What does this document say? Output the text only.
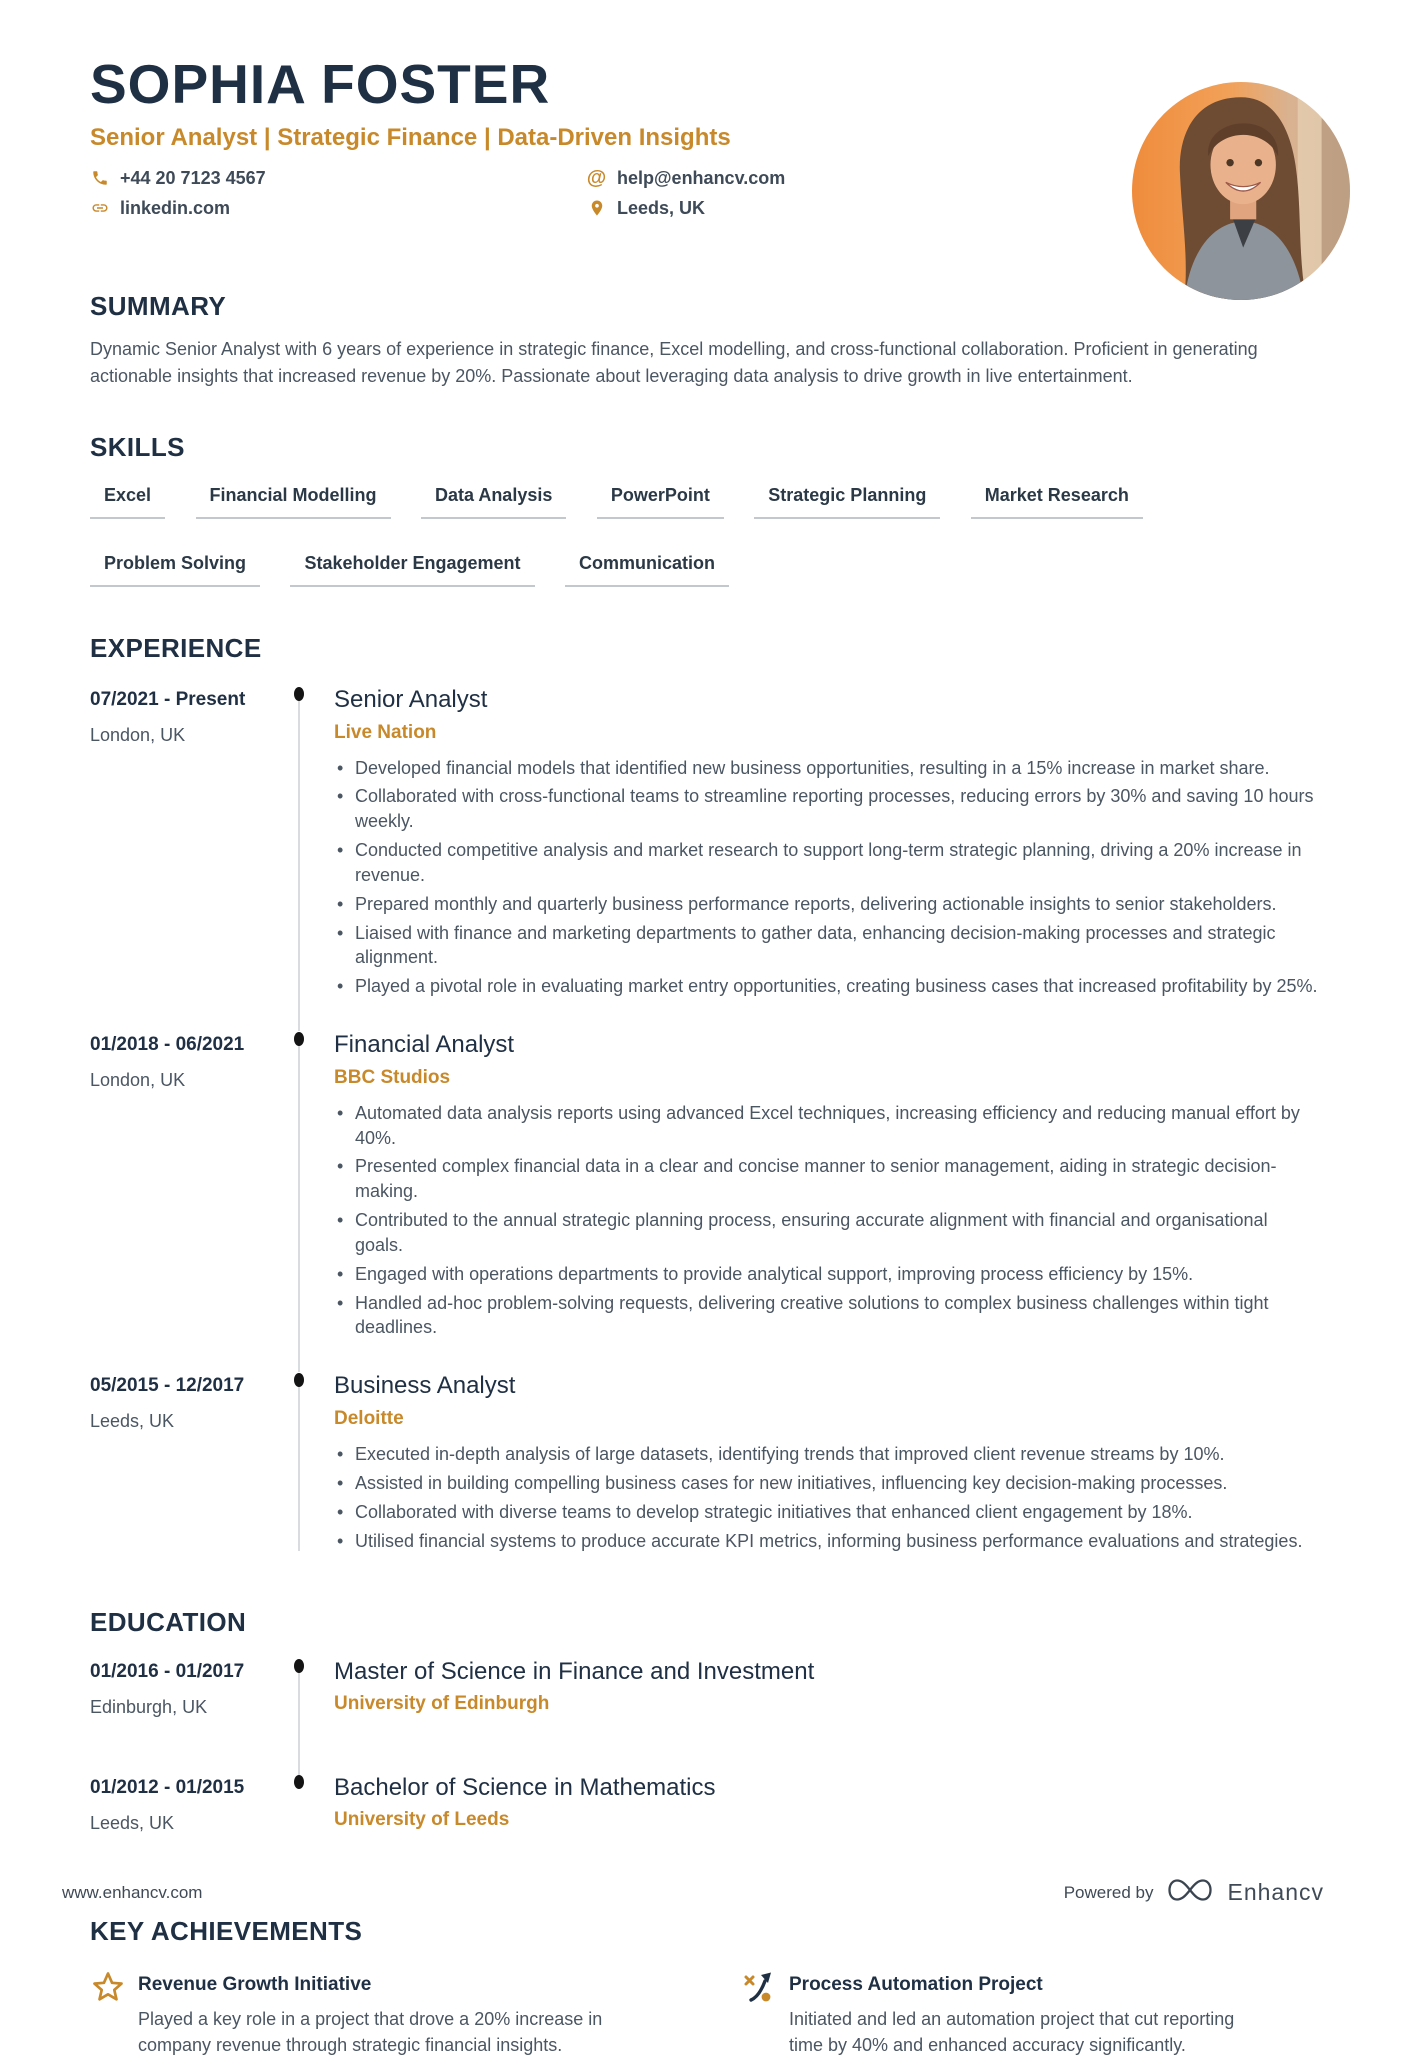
SOPHIA FOSTER
Senior Analyst | Strategic Finance | Data-Driven Insights
+44 20 7123 4567	@ help@enhancv.com
linkedin.com	Leeds, UK
SUMMARY

Dynamic Senior Analyst with 6 years of experience in strategic finance, Excel modelling, and cross-functional collaboration. Proficient in generating actionable insights that increased revenue by 20%. Passionate about leveraging data analysis to drive growth in live entertainment.

SKILLS
Excel	Financial Modelling	Data Analysis	PowerPoint	Strategic Planning	Market Research
Problem Solving	Stakeholder Engagement	Communication
EXPERIENCE
07/2021 - Present
London, UK
Senior Analyst
Live Nation
• Developed financial models that identified new business opportunities, resulting in a 15% increase in market share.
• Collaborated with cross-functional teams to streamline reporting processes, reducing errors by 30% and saving 10 hours weekly.
• Conducted competitive analysis and market research to support long-term strategic planning, driving a 20% increase in revenue.
• Prepared monthly and quarterly business performance reports, delivering actionable insights to senior stakeholders.
• Liaised with finance and marketing departments to gather data, enhancing decision-making processes and strategic alignment.
• Played a pivotal role in evaluating market entry opportunities, creating business cases that increased profitability by 25%.
01/2018 - 06/2021
London, UK
Financial Analyst
BBC Studios
• Automated data analysis reports using advanced Excel techniques, increasing efficiency and reducing manual effort by 40%.
• Presented complex financial data in a clear and concise manner to senior management, aiding in strategic decision-making.
• Contributed to the annual strategic planning process, ensuring accurate alignment with financial and organisational goals.
• Engaged with operations departments to provide analytical support, improving process efficiency by 15%.
• Handled ad-hoc problem-solving requests, delivering creative solutions to complex business challenges within tight deadlines.
05/2015 - 12/2017
Leeds, UK
Business Analyst
Deloitte
• Executed in-depth analysis of large datasets, identifying trends that improved client revenue streams by 10%.
• Assisted in building compelling business cases for new initiatives, influencing key decision-making processes.
• Collaborated with diverse teams to develop strategic initiatives that enhanced client engagement by 18%.
• Utilised financial systems to produce accurate KPI metrics, informing business performance evaluations and strategies.
EDUCATION
01/2016 - 01/2017
Edinburgh, UK
Master of Science in Finance and Investment
University of Edinburgh
01/2012 - 01/2015
Leeds, UK
Bachelor of Science in Mathematics
University of Leeds
KEY ACHIEVEMENTS
Revenue Growth Initiative

Played a key role in a project that drove a 20% increase in company revenue through strategic financial insights.

Process Automation Project

Initiated and led an automation project that cut reporting time by 40% and enhanced accuracy significantly.

www.enhancv.com	Powered by	Enhancv
